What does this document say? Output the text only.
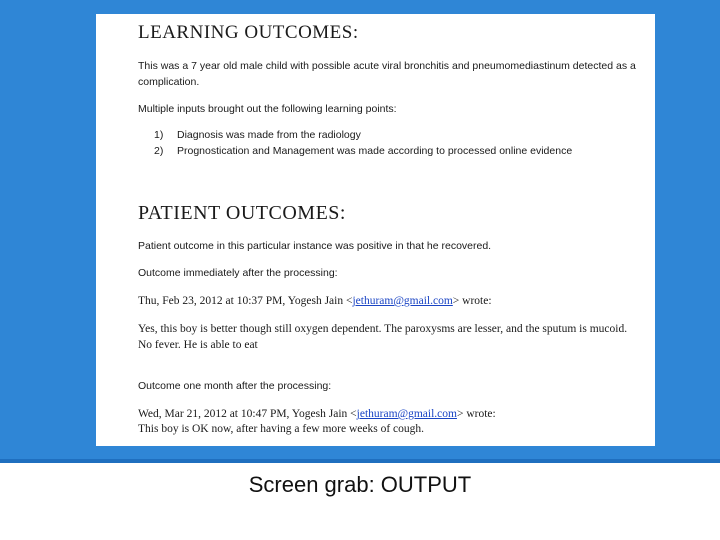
LEARNING OUTCOMES:

This was a 7 year old male child with possible acute viral bronchitis and pneumomediastinum detected as a complication.

Multiple inputs brought out the following learning points:

1)	Diagnosis was made from the radiology
2)	Prognostication and Management was made according to processed online evidence
PATIENT OUTCOMES:

Patient outcome in this particular instance was positive in that he recovered.

Outcome immediately after the processing:

Thu, Feb 23, 2012 at 10:37 PM, Yogesh Jain <jethuram@gmail.com> wrote:

Yes, this boy is better though still oxygen dependent. The paroxysms are lesser, and the sputum is mucoid. No fever. He is able to eat

Outcome one month after the processing:

Wed, Mar 21, 2012 at 10:47 PM, Yogesh Jain <jethuram@gmail.com> wrote:

This boy is OK now, after having a few more weeks of cough.

Screen grab: OUTPUT
